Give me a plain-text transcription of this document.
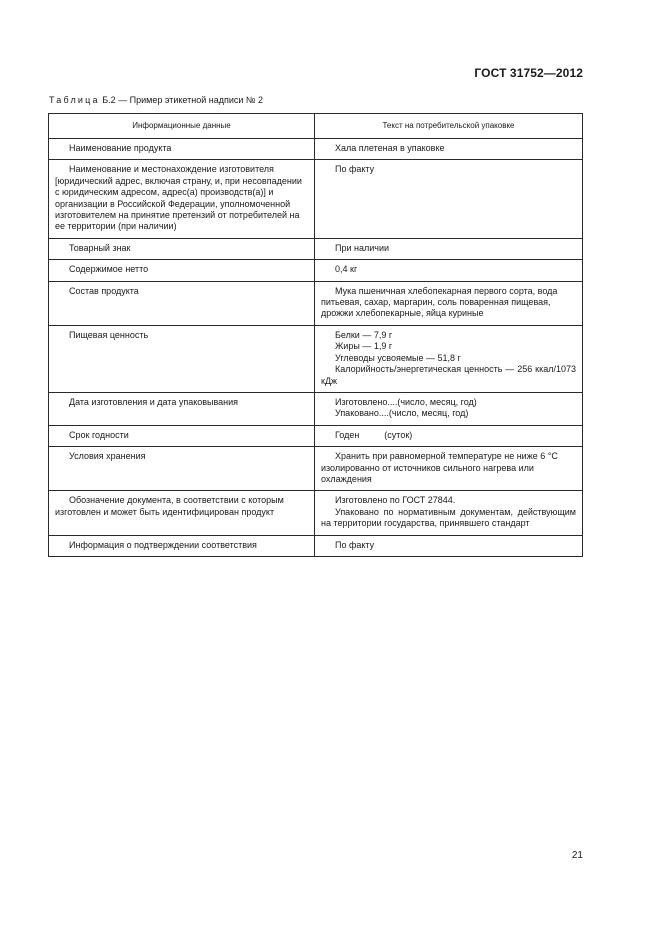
ГОСТ 31752—2012
Таблица Б.2 — Пример этикетной надписи № 2
Информационные данные	Текст на потребительской упаковке
Наименование продукта	Хала плетеная в упаковке
Наименование и местонахождение изготовителя [юридический адрес, включая страну, и, при несовпадении с юридическим адресом, адрес(а) производств(а)] и организации в Российской Федерации, уполномоченной изготовителем на принятие претензий от потребителей на ее территории (при наличии)	По факту
Товарный знак	При наличии
Содержимое нетто	0,4 кг
Состав продукта	Мука пшеничная хлебопекарная первого сорта, вода питьевая, сахар, маргарин, соль поваренная пищевая, дрожжи хлебопекарные, яйца куриные
Пищевая ценность	Белки — 7,9 г
Жиры — 1,9 г
Углеводы усвояемые — 51,8 г
Калорийность/энергетическая ценность — 256 ккал/1073 кДж

Дата изготовления и дата упаковывания	Изготовлено....(число, месяц, год)
Упаковано....(число, месяц, год)

Срок годности	Годен          (суток)
Условия хранения	Хранить при равномерной температуре не ниже 6 °С изолированно от источников сильного нагрева или охлаждения
Обозначение документа, в соответствии с которым изготовлен и может быть идентифицирован продукт	Изготовлено по ГОСТ 27844.
Упаковано по нормативным документам, действующим на территории государства, принявшего стандарт

Информация о подтверждении соответствия	По факту
21
